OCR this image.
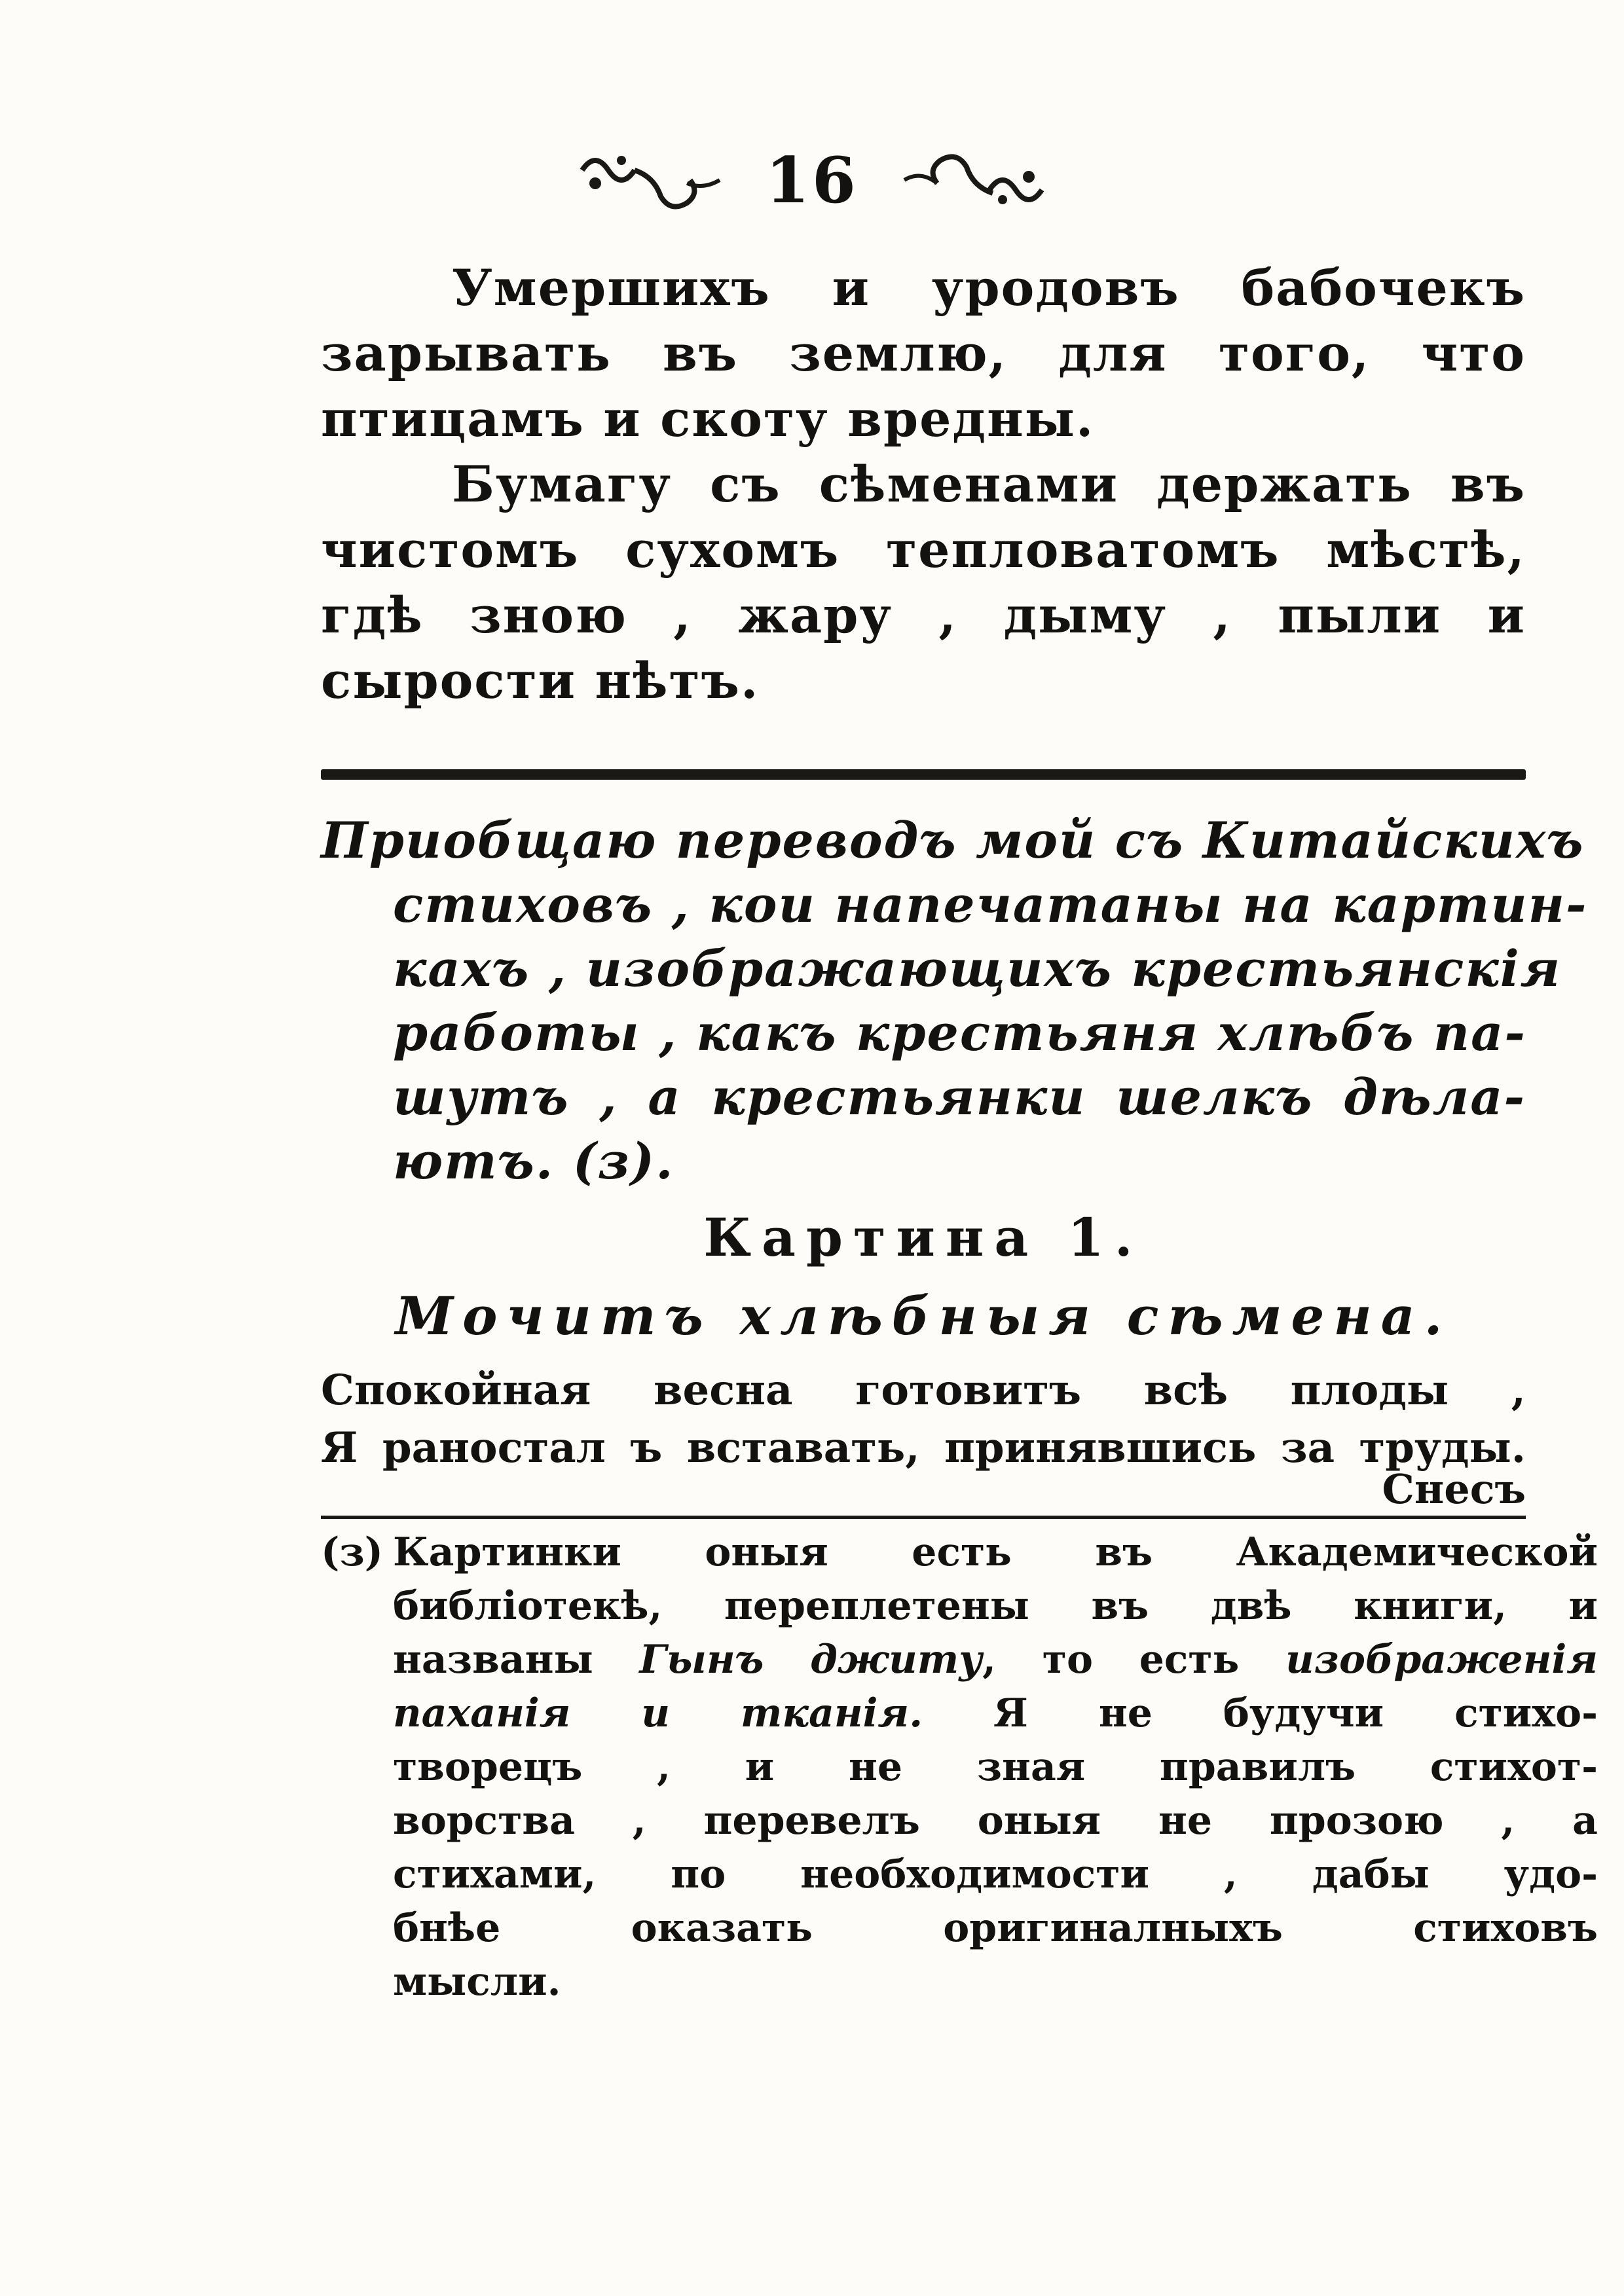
16
Умершихъ и уродовъ бабочекъ
зарывать въ землю, для того, что
птицамъ и скоту вредны.
Бумагу съ сѣменами держать въ
чистомъ сухомъ тепловатомъ мѣстѣ,
гдѣ зною , жару , дыму , пыли и
сырости нѣтъ.
Приобщаю переводъ мой съ Китайскихъ
стиховъ , кои напечатаны на картин-
кахъ , изображающихъ крестьянскія
работы , какъ крестьяня хлѣбъ па-
шутъ , а крестьянки шелкъ дѣла-
ютъ. (з).
Картина 1.
Мочитъ хлѣбныя сѣмена.
Спокойная весна готовитъ всѣ плоды ,
Я раностал ъ вставать, принявшись за труды.
Снесъ
(з) Картинки оныя есть въ Академической
библіотекѣ, переплетены въ двѣ книги, и
названы Гынъ джиту, то есть изображенія
паханія и тканія. Я не будучи стихо-
творецъ , и не зная правилъ стихот-
ворства , перевелъ оныя не прозою , а
стихами, по необходимости , дабы удо-
бнѣе оказать оригиналныхъ стиховъ
мысли.
